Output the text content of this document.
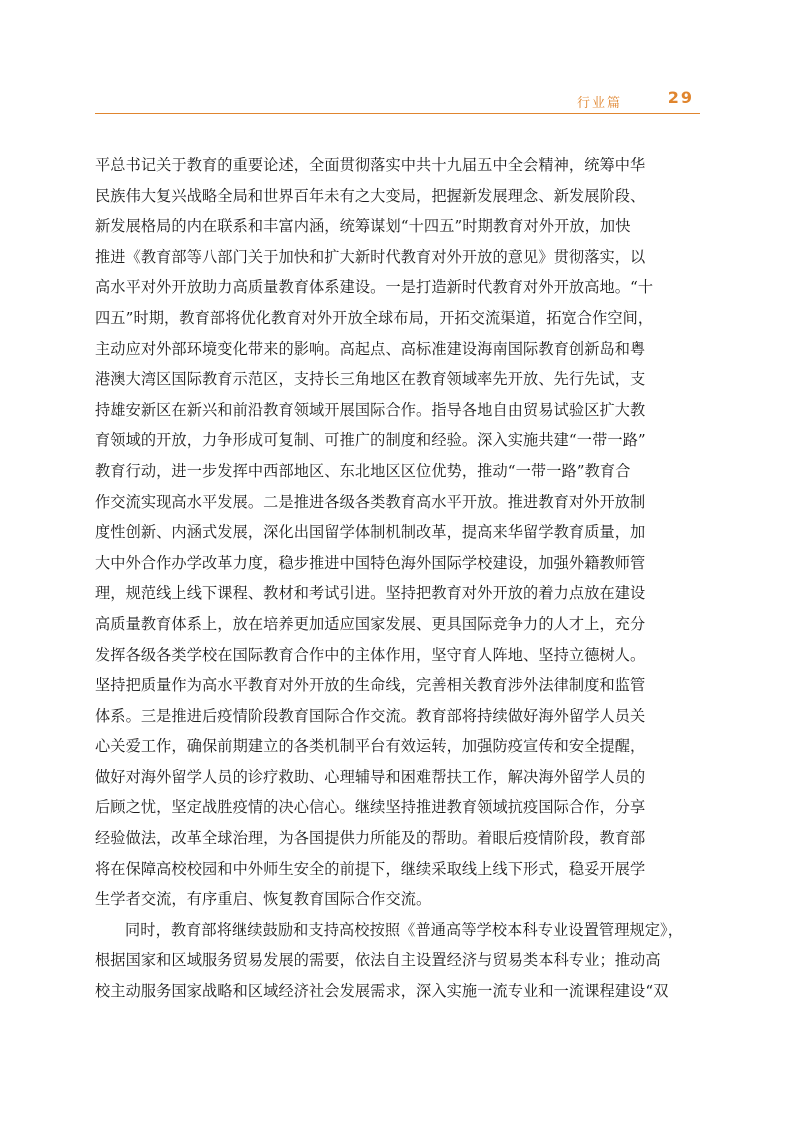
行业篇	29
平总书记关于教育的重要论述，全面贯彻落实中共十九届五中全会精神，统筹中华
民族伟大复兴战略全局和世界百年未有之大变局，把握新发展理念、新发展阶段、
新发展格局的内在联系和丰富内涵，统筹谋划“十四五”时期教育对外开放，加快
推进《教育部等八部门关于加快和扩大新时代教育对外开放的意见》贯彻落实，以
高水平对外开放助力高质量教育体系建设。一是打造新时代教育对外开放高地。“十
四五”时期，教育部将优化教育对外开放全球布局，开拓交流渠道，拓宽合作空间，
主动应对外部环境变化带来的影响。高起点、高标准建设海南国际教育创新岛和粤
港澳大湾区国际教育示范区，支持长三角地区在教育领域率先开放、先行先试，支
持雄安新区在新兴和前沿教育领域开展国际合作。指导各地自由贸易试验区扩大教
育领域的开放，力争形成可复制、可推广的制度和经验。深入实施共建“一带一路”
教育行动，进一步发挥中西部地区、东北地区区位优势，推动“一带一路”教育合
作交流实现高水平发展。二是推进各级各类教育高水平开放。推进教育对外开放制
度性创新、内涵式发展，深化出国留学体制机制改革，提高来华留学教育质量，加
大中外合作办学改革力度，稳步推进中国特色海外国际学校建设，加强外籍教师管
理，规范线上线下课程、教材和考试引进。坚持把教育对外开放的着力点放在建设
高质量教育体系上，放在培养更加适应国家发展、更具国际竞争力的人才上，充分
发挥各级各类学校在国际教育合作中的主体作用，坚守育人阵地、坚持立德树人。
坚持把质量作为高水平教育对外开放的生命线，完善相关教育涉外法律制度和监管
体系。三是推进后疫情阶段教育国际合作交流。教育部将持续做好海外留学人员关
心关爱工作，确保前期建立的各类机制平台有效运转，加强防疫宣传和安全提醒，
做好对海外留学人员的诊疗救助、心理辅导和困难帮扶工作，解决海外留学人员的
后顾之忧，坚定战胜疫情的决心信心。继续坚持推进教育领域抗疫国际合作，分享
经验做法，改革全球治理，为各国提供力所能及的帮助。着眼后疫情阶段，教育部
将在保障高校校园和中外师生安全的前提下，继续采取线上线下形式，稳妥开展学
生学者交流，有序重启、恢复教育国际合作交流。
同时，教育部将继续鼓励和支持高校按照《普通高等学校本科专业设置管理规定》，
根据国家和区域服务贸易发展的需要，依法自主设置经济与贸易类本科专业；推动高
校主动服务国家战略和区域经济社会发展需求，深入实施一流专业和一流课程建设“双
